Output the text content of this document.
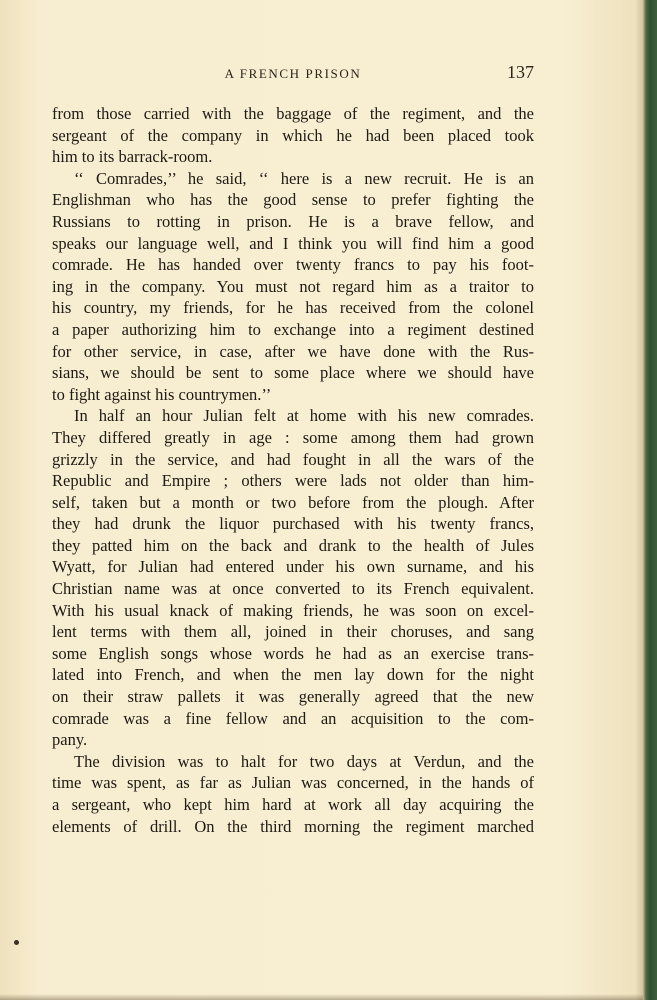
A FRENCH PRISON	137
from those carried with the baggage of the regiment, and the
sergeant of the company in which he had been placed took
him to its barrack-room.
‘‘ Comrades,’’ he said, ‘‘ here is a new recruit. He is an
Englishman who has the good sense to prefer fighting the
Russians to rotting in prison. He is a brave fellow, and
speaks our language well, and I think you will find him a good
comrade. He has handed over twenty francs to pay his foot-
ing in the company. You must not regard him as a traitor to
his country, my friends, for he has received from the colonel
a paper authorizing him to exchange into a regiment destined
for other service, in case, after we have done with the Rus-
sians, we should be sent to some place where we should have
to fight against his countrymen.’’
In half an hour Julian felt at home with his new comrades.
They differed greatly in age : some among them had grown
grizzly in the service, and had fought in all the wars of the
Republic and Empire ; others were lads not older than him-
self, taken but a month or two before from the plough. After
they had drunk the liquor purchased with his twenty francs,
they patted him on the back and drank to the health of Jules
Wyatt, for Julian had entered under his own surname, and his
Christian name was at once converted to its French equivalent.
With his usual knack of making friends, he was soon on excel-
lent terms with them all, joined in their choruses, and sang
some English songs whose words he had as an exercise trans-
lated into French, and when the men lay down for the night
on their straw pallets it was generally agreed that the new
comrade was a fine fellow and an acquisition to the com-
pany.
The division was to halt for two days at Verdun, and the
time was spent, as far as Julian was concerned, in the hands of
a sergeant, who kept him hard at work all day acquiring the
elements of drill. On the third morning the regiment marched
